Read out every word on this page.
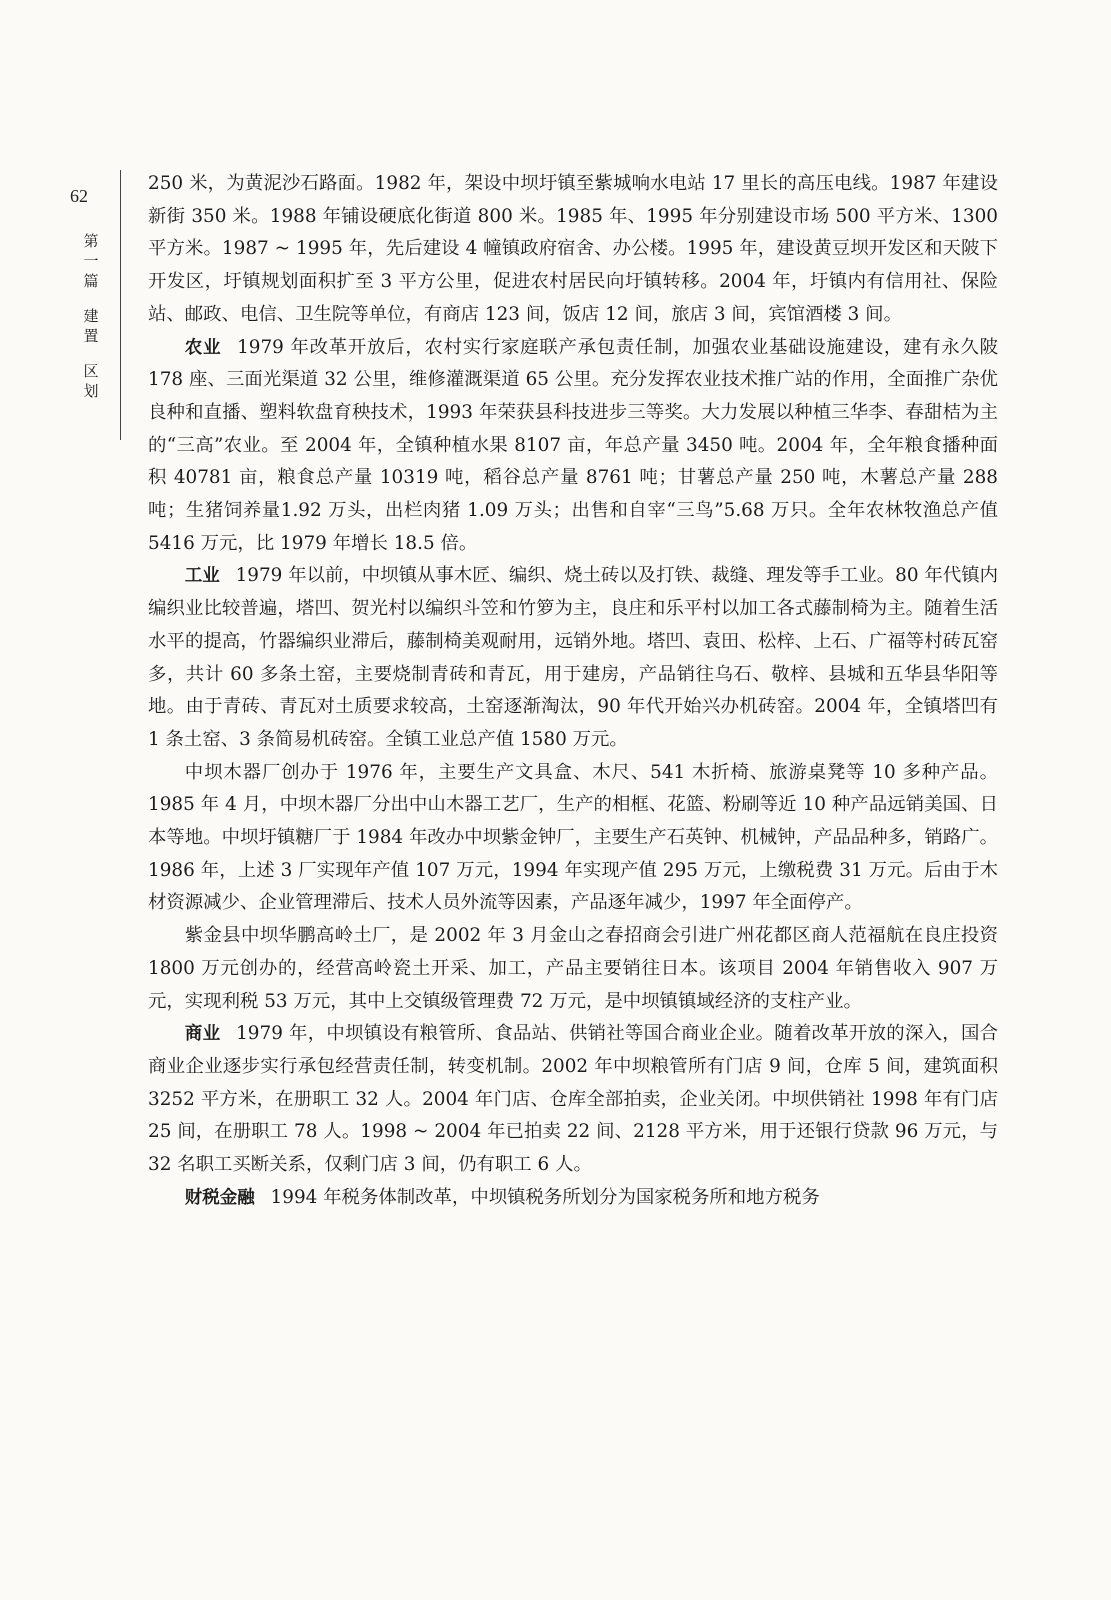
62
第
一
篇
建
置
区
划

250 米，为黄泥沙石路面。1982 年，架设中坝圩镇至紫城响水电站 17 里长的高压电线。1987 年建设新街 350 米。1988 年铺设硬底化街道 800 米。1985 年、1995 年分别建设市场 500 平方米、1300 平方米。1987 ~ 1995 年，先后建设 4 幢镇政府宿舍、办公楼。1995 年，建设黄豆坝开发区和天陂下开发区，圩镇规划面积扩至 3 平方公里，促进农村居民向圩镇转移。2004 年，圩镇内有信用社、保险站、邮政、电信、卫生院等单位，有商店 123 间，饭店 12 间，旅店 3 间，宾馆酒楼 3 间。

农业 1979 年改革开放后，农村实行家庭联产承包责任制，加强农业基础设施建设，建有永久陂 178 座、三面光渠道 32 公里，维修灌溉渠道 65 公里。充分发挥农业技术推广站的作用，全面推广杂优良种和直播、塑料软盘育秧技术，1993 年荣获县科技进步三等奖。大力发展以种植三华李、春甜桔为主的“三高”农业。至 2004 年，全镇种植水果 8107 亩，年总产量 3450 吨。2004 年，全年粮食播种面积 40781 亩，粮食总产量 10319 吨，稻谷总产量 8761 吨；甘薯总产量 250 吨，木薯总产量 288 吨；生猪饲养量1.92 万头，出栏肉猪 1.09 万头；出售和自宰“三鸟”5.68 万只。全年农林牧渔总产值 5416 万元，比 1979 年增长 18.5 倍。

工业 1979 年以前，中坝镇从事木匠、编织、烧土砖以及打铁、裁缝、理发等手工业。80 年代镇内编织业比较普遍，塔凹、贺光村以编织斗笠和竹箩为主，良庄和乐平村以加工各式藤制椅为主。随着生活水平的提高，竹器编织业滞后，藤制椅美观耐用，远销外地。塔凹、袁田、松梓、上石、广福等村砖瓦窑多，共计 60 多条土窑，主要烧制青砖和青瓦，用于建房，产品销往乌石、敬梓、县城和五华县华阳等地。由于青砖、青瓦对土质要求较高，土窑逐渐淘汰，90 年代开始兴办机砖窑。2004 年，全镇塔凹有 1 条土窑、3 条简易机砖窑。全镇工业总产值 1580 万元。

中坝木器厂创办于 1976 年，主要生产文具盒、木尺、541 木折椅、旅游桌凳等 10 多种产品。1985 年 4 月，中坝木器厂分出中山木器工艺厂，生产的相框、花篮、粉刷等近 10 种产品远销美国、日本等地。中坝圩镇糖厂于 1984 年改办中坝紫金钟厂，主要生产石英钟、机械钟，产品品种多，销路广。1986 年，上述 3 厂实现年产值 107 万元，1994 年实现产值 295 万元，上缴税费 31 万元。后由于木材资源减少、企业管理滞后、技术人员外流等因素，产品逐年减少，1997 年全面停产。

紫金县中坝华鹏高岭土厂，是 2002 年 3 月金山之春招商会引进广州花都区商人范福航在良庄投资 1800 万元创办的，经营高岭瓷土开采、加工，产品主要销往日本。该项目 2004 年销售收入 907 万元，实现利税 53 万元，其中上交镇级管理费 72 万元，是中坝镇镇域经济的支柱产业。

商业 1979 年，中坝镇设有粮管所、食品站、供销社等国合商业企业。随着改革开放的深入，国合商业企业逐步实行承包经营责任制，转变机制。2002 年中坝粮管所有门店 9 间，仓库 5 间，建筑面积 3252 平方米，在册职工 32 人。2004 年门店、仓库全部拍卖，企业关闭。中坝供销社 1998 年有门店 25 间，在册职工 78 人。1998 ~ 2004 年已拍卖 22 间、2128 平方米，用于还银行贷款 96 万元，与 32 名职工买断关系，仅剩门店 3 间，仍有职工 6 人。

财税金融 1994 年税务体制改革，中坝镇税务所划分为国家税务所和地方税务
